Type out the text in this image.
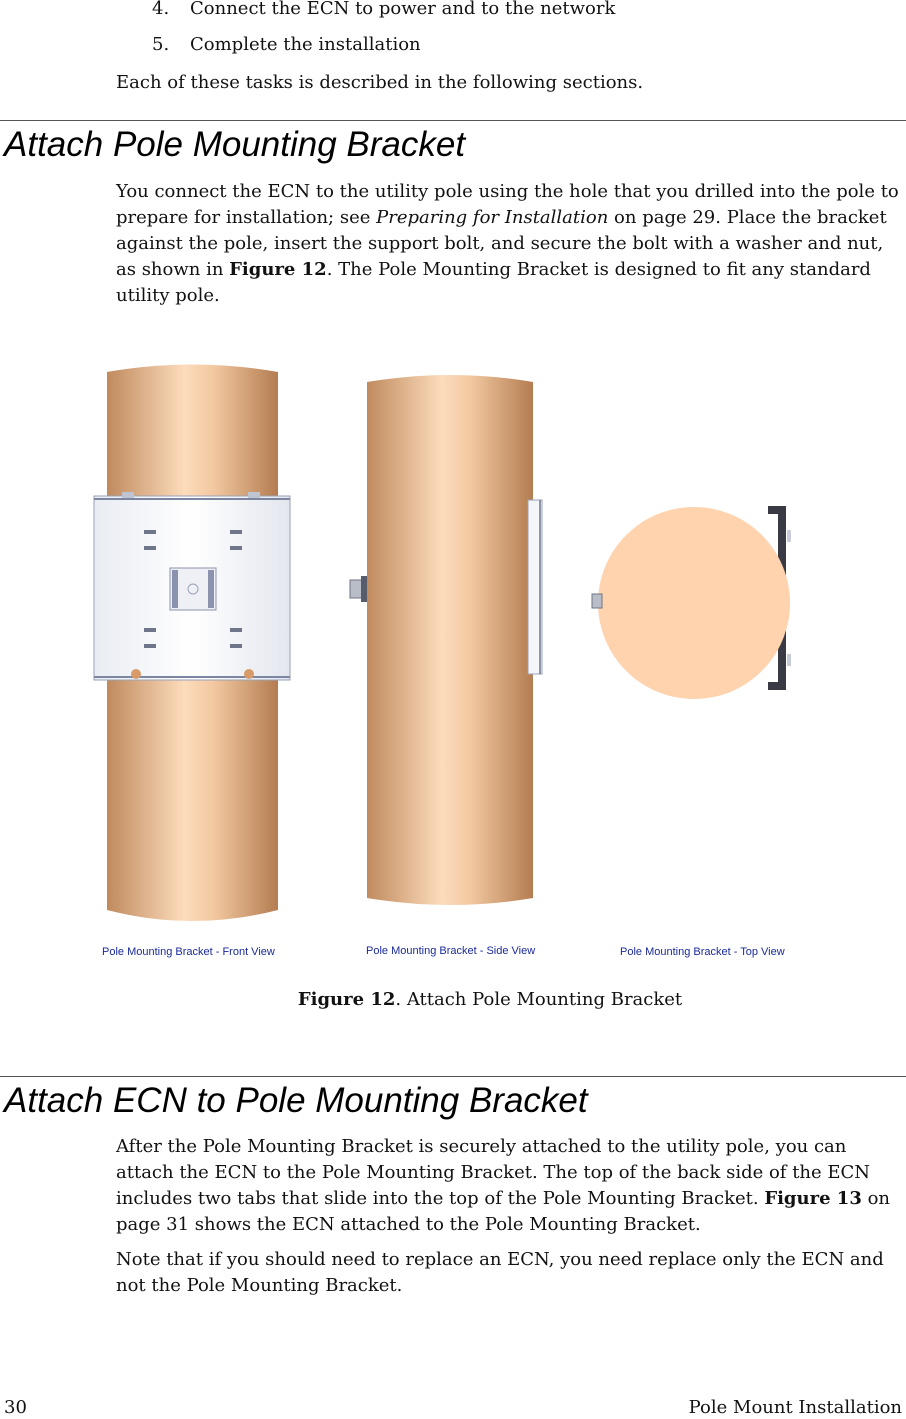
4. Connect the ECN to power and to the network
5. Complete the installation

Each of these tasks is described in the following sections.

Attach Pole Mounting Bracket

You connect the ECN to the utility pole using the hole that you drilled into the pole to prepare for installation; see Preparing for Installation on page 29. Place the bracket against the pole, insert the support bolt, and secure the bolt with a washer and nut, as shown in Figure 12. The Pole Mounting Bracket is designed to fit any standard utility pole.

Pole Mounting Bracket - Front View	Pole Mounting Bracket - Side View	Pole Mounting Bracket - Top View
Figure 12. Attach Pole Mounting Bracket
Attach ECN to Pole Mounting Bracket

After the Pole Mounting Bracket is securely attached to the utility pole, you can attach the ECN to the Pole Mounting Bracket. The top of the back side of the ECN includes two tabs that slide into the top of the Pole Mounting Bracket. Figure 13 on page 31 shows the ECN attached to the Pole Mounting Bracket.

Note that if you should need to replace an ECN, you need replace only the ECN and not the Pole Mounting Bracket.

30	Pole Mount Installation
